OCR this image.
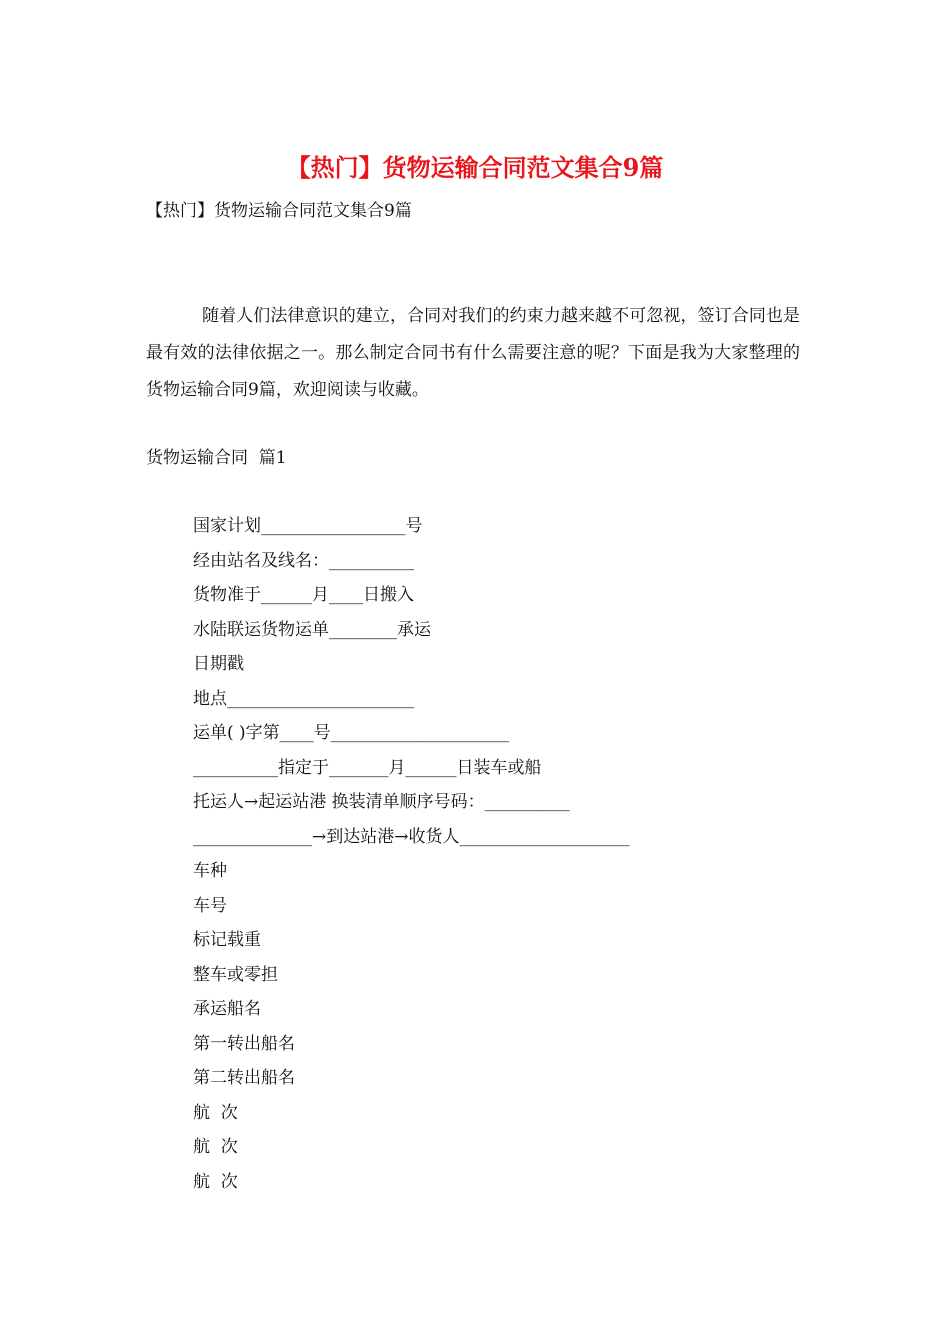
【热门】货物运输合同范文集合9篇

【热门】货物运输合同范文集合9篇

随着人们法律意识的建立，合同对我们的约束力越来越不可忽视，签订合同也是最有效的法律依据之一。那么制定合同书有什么需要注意的呢？下面是我为大家整理的货物运输合同9篇，欢迎阅读与收藏。

货物运输合同  篇1

国家计划_________________号
经由站名及线名：__________
货物准于______月____日搬入
水陆联运货物运单________承运
日期戳
地点______________________
运单( )字第____号_____________________
__________指定于_______月______日装车或船
托运人→起运站港 换装清单顺序号码：__________
______________→到达站港→收货人____________________
车种
车号
标记载重
整车或零担
承运船名
第一转出船名
第二转出船名
航  次
航  次
航  次
